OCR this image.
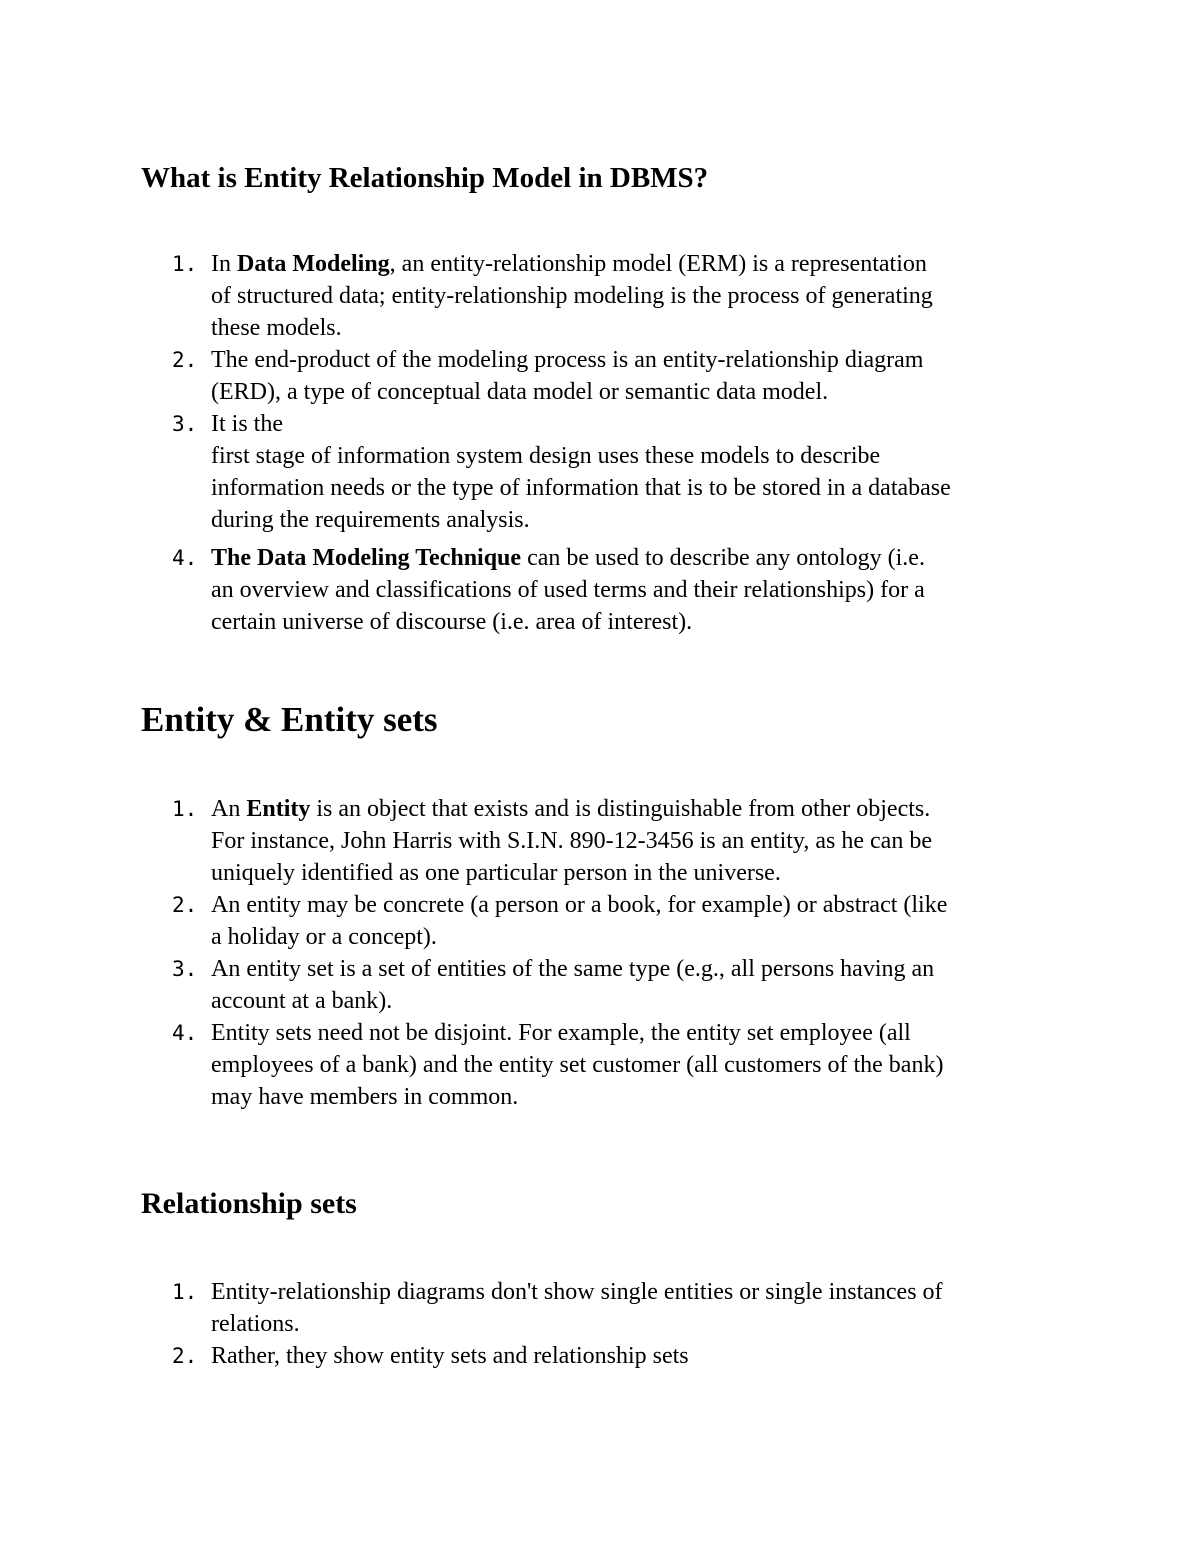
What is Entity Relationship Model in DBMS?
1. In Data Modeling, an entity-relationship model (ERM) is a representation
of structured data; entity-relationship modeling is the process of generating
these models.
2. The end-product of the modeling process is an entity-relationship diagram
(ERD), a type of conceptual data model or semantic data model.
3. It is the
first stage of information system design uses these models to describe
information needs or the type of information that is to be stored in a database
during the requirements analysis.
4. The Data Modeling Technique can be used to describe any ontology (i.e.
an overview and classifications of used terms and their relationships) for a
certain universe of discourse (i.e. area of interest).
Entity & Entity sets
1. An Entity is an object that exists and is distinguishable from other objects.
For instance, John Harris with S.I.N. 890-12-3456 is an entity, as he can be
uniquely identified as one particular person in the universe.
2. An entity may be concrete (a person or a book, for example) or abstract (like
a holiday or a concept).
3. An entity set is a set of entities of the same type (e.g., all persons having an
account at a bank).
4. Entity sets need not be disjoint. For example, the entity set employee (all
employees of a bank) and the entity set customer (all customers of the bank)
may have members in common.
Relationship sets
1. Entity-relationship diagrams don't show single entities or single instances of
relations.
2. Rather, they show entity sets and relationship sets
